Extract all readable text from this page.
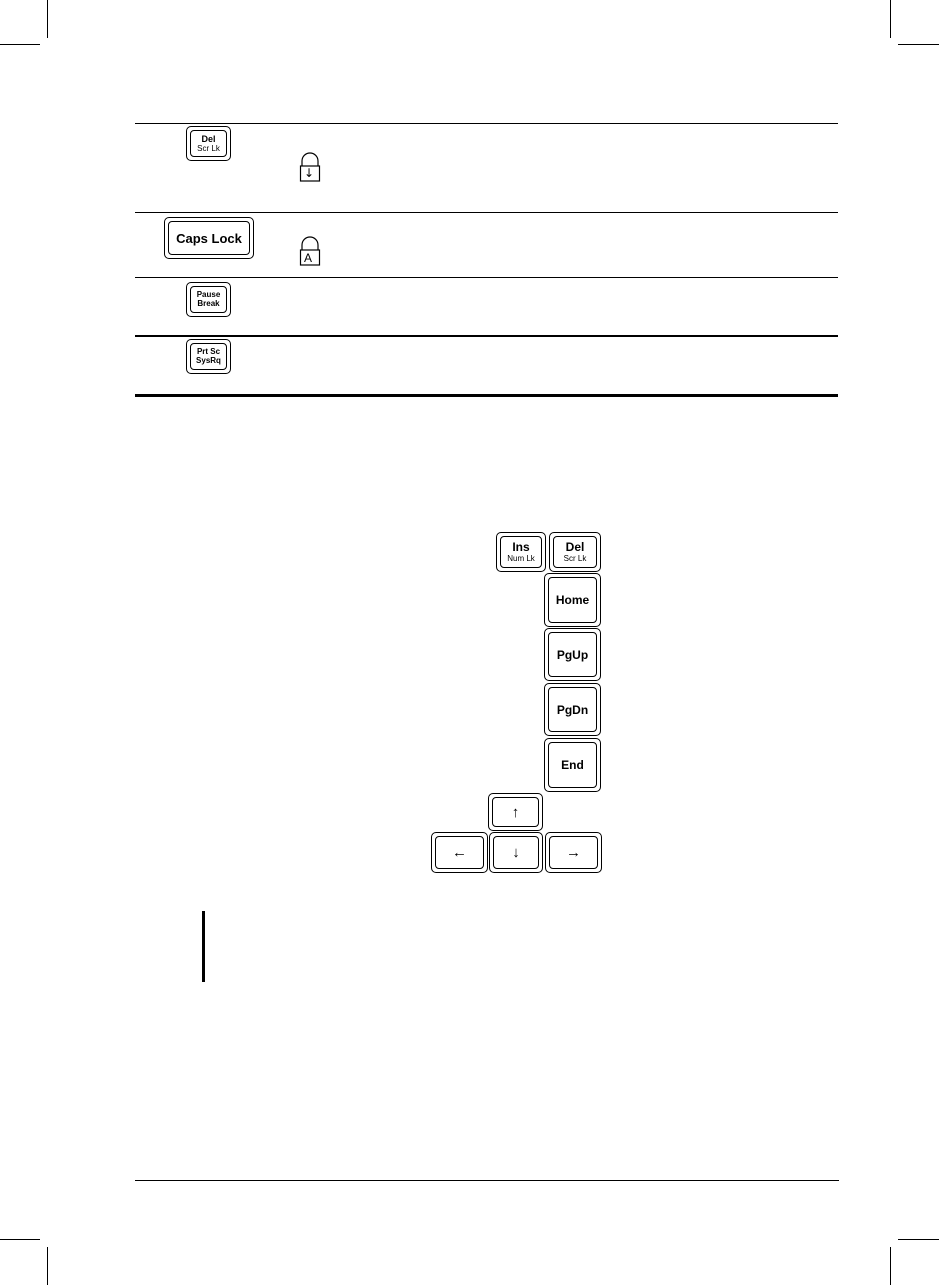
Del
Scr Lk
Caps Lock
Pause
Break
Prt Sc
SysRq
↓
A
Ins
Num Lk
Del
Scr Lk
Home
PgUp
PgDn
End
↑
←	↓	→
